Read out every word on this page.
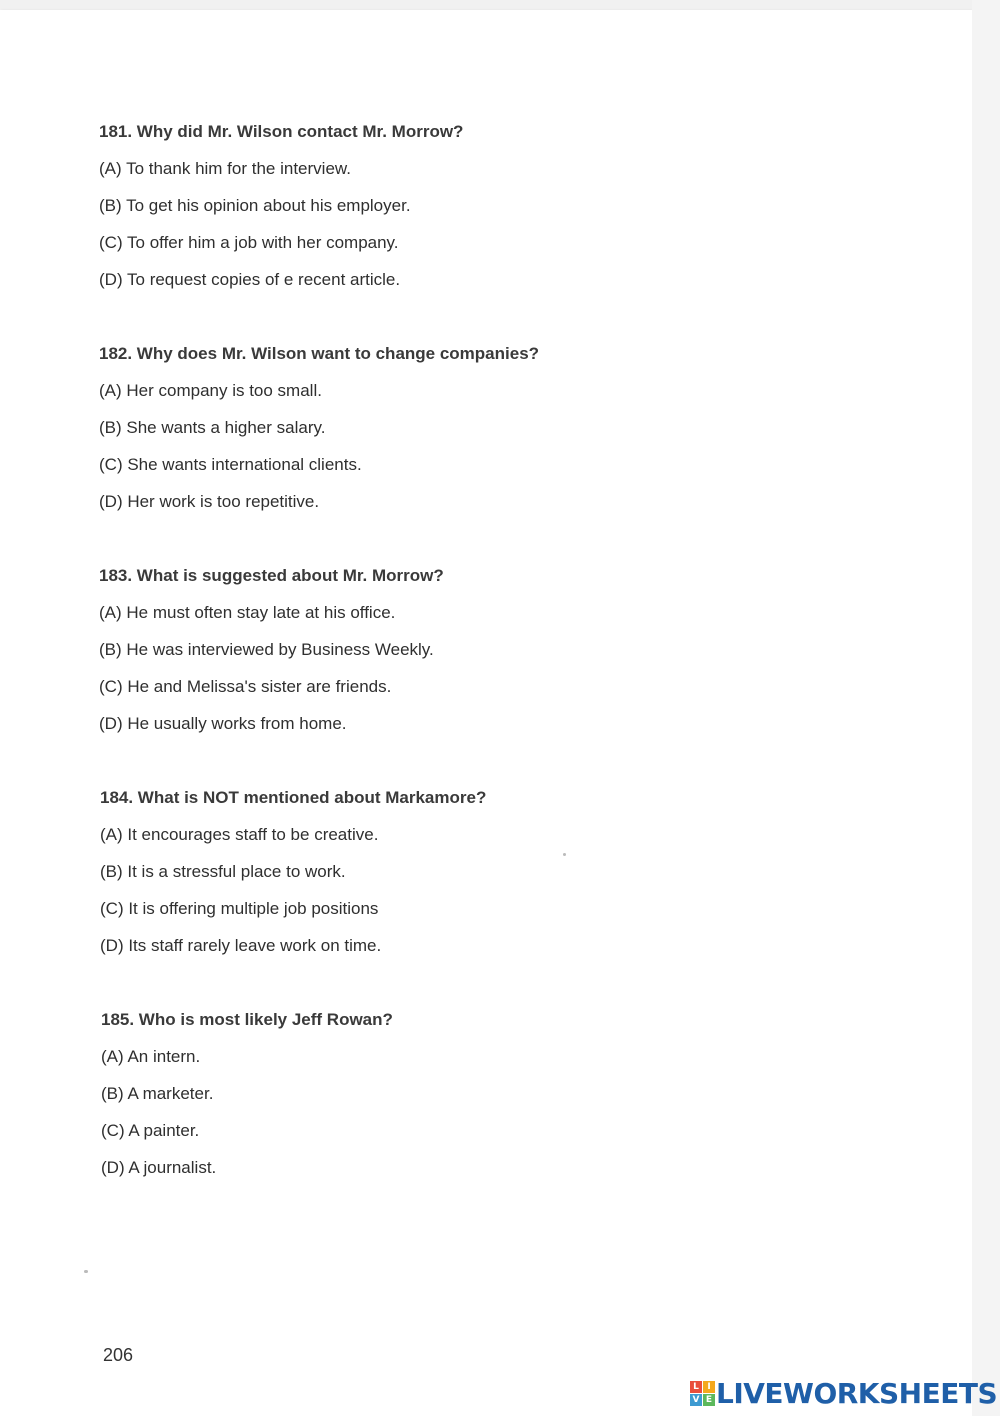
181. Why did Mr. Wilson contact Mr. Morrow?
(A) To thank him for the interview.
(B) To get his opinion about his employer.
(C) To offer him a job with her company.
(D) To request copies of e recent article.
182. Why does Mr. Wilson want to change companies?
(A) Her company is too small.
(B) She wants a higher salary.
(C) She wants international clients.
(D) Her work is too repetitive.
183. What is suggested about Mr. Morrow?
(A) He must often stay late at his office.
(B) He was interviewed by Business Weekly.
(C) He and Melissa's sister are friends.
(D) He usually works from home.
184. What is NOT mentioned about Markamore?
(A) It encourages staff to be creative.
(B) It is a stressful place to work.
(C) It is offering multiple job positions
(D) Its staff rarely leave work on time.
185. Who is most likely Jeff Rowan?
(A) An intern.
(B) A marketer.
(C) A painter.
(D) A journalist.
206
L I
V E LIVEWORKSHEETS
